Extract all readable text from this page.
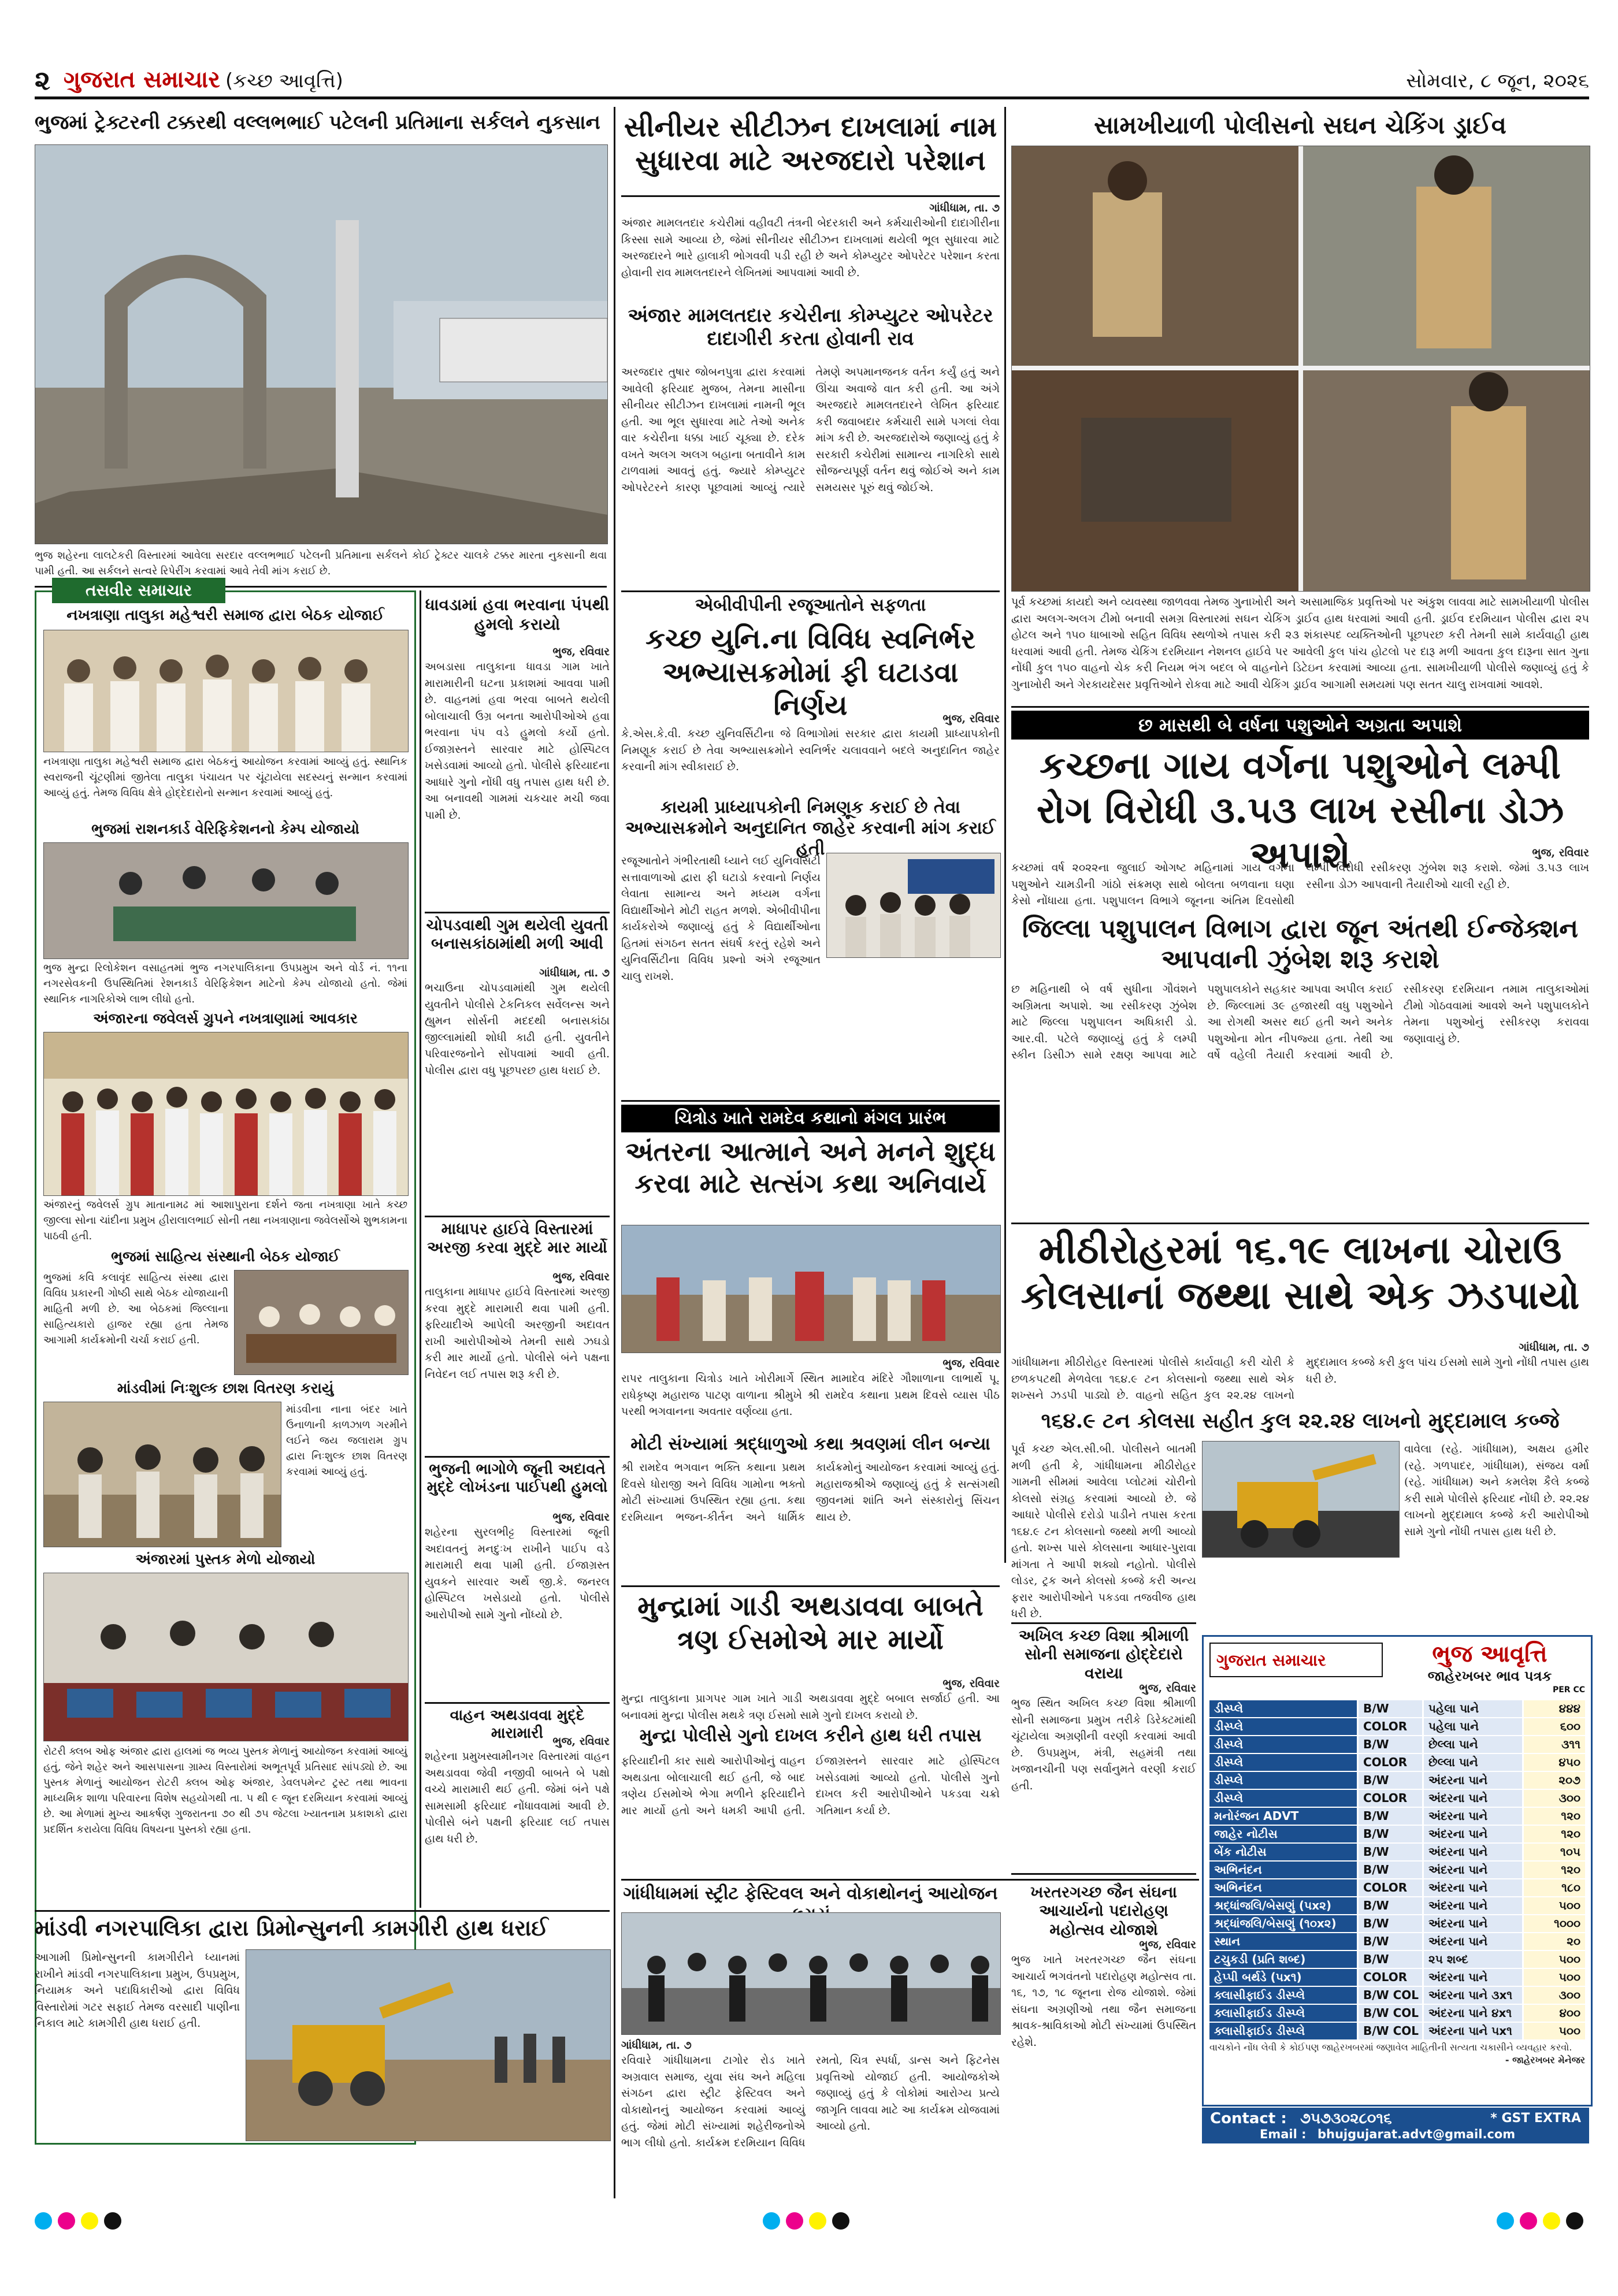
૨ ગુજરાત સમાચાર (કચ્છ આવૃત્તિ)	સોમવાર, ૮ જૂન, ૨૦૨૬
ભુજમાં ટ્રેક્ટરની ટક્કરથી વલ્લભભાઈ પટેલની પ્રતિમાના સર્કલને નુકસાન
ભુજ શહેરના લાલટેકરી વિસ્તારમાં આવેલા સરદાર વલ્લભભાઈ પટેલની પ્રતિમાના સર્કલને કોઈ ટ્રેક્ટર ચાલકે ટક્કર મારતા નુકસાની થવા પામી હતી. આ સર્કલને સત્વરે રિપેરીંગ કરવામાં આવે તેવી માંગ કરાઈ છે.
તસવીર સમાચાર
નખત્રાણા તાલુકા મહેશ્વરી સમાજ દ્વારા બેઠક યોજાઈ
નખત્રાણા તાલુકા મહેશ્વરી સમાજ દ્વારા બેઠકનું આયોજન કરવામાં આવ્યું હતું. સ્થાનિક સ્વરાજની ચૂંટણીમાં જીતેલા તાલુકા પંચાયત પર ચૂંટાયેલા સદસ્યનું સન્માન કરવામાં આવ્યું હતું. તેમજ વિવિધ ક્ષેત્રે હોદ્દેદારોનો સન્માન કરવામાં આવ્યું હતું.
ભુજમાં રાશનકાર્ડ વેરિફિકેશનનો કેમ્પ યોજાયો
ભુજ મુન્દ્રા રિલોકેશન વસાહતમાં ભુજ નગરપાલિકાના ઉપપ્રમુખ અને વોર્ડ નં. ૧૧ના નગરસેવકની ઉપસ્થિતિમાં રેશનકાર્ડ વેરિફિકેશન માટેનો કેમ્પ યોજાયો હતો. જેમાં સ્થાનિક નાગરિકોએ લાભ લીધો હતો.
અંજારના જવેલર્સ ગ્રુપને નખત્રાણામાં આવકાર
અંજારનું જવેલર્સ ગ્રુપ માતાનામઢ માં આશાપુરાના દર્શને જતા નખત્રાણા ખાતે કચ્છ જીલ્લા સોના ચાંદીના પ્રમુખ હીરાલાલભાઈ સોની તથા નખત્રાણાના જવેલર્સોએ શુભકામના પાઠવી હતી.
ભુજમાં સાહિત્ય સંસ્થાની બેઠક યોજાઈ
ભુજમાં કવિ કલાવૃંદ સાહિત્ય સંસ્થા દ્વારા વિવિધ પ્રકારની ગોષ્ઠી સાથે બેઠક યોજાયાની માહિતી મળી છે. આ બેઠકમાં જિલ્લાના સાહિત્યકારો હાજર રહ્યા હતા તેમજ આગામી કાર્યક્રમોની ચર્ચા કરાઈ હતી.
માંડવીમાં નિઃશુલ્ક છાશ વિતરણ કરાયું
માંડવીના નાના બંદર ખાતે ઉનાળાની કાળઝાળ ગરમીને લઈને જય જલારામ ગ્રુપ દ્વારા નિઃશુલ્ક છાશ વિતરણ કરવામાં આવ્યું હતું.
અંજારમાં પુસ્તક મેળો યોજાયો
રોટરી ક્લબ ઓફ અંજાર દ્વારા હાલમાં જ ભવ્ય પુસ્તક મેળાનું આયોજન કરવામાં આવ્યું હતું, જેને શહેર અને આસપાસના ગ્રામ્ય વિસ્તારોમાં અભૂતપૂર્વ પ્રતિસાદ સાંપડ્યો છે. આ પુસ્તક મેળાનું આયોજન રોટરી ક્લબ ઓફ અંજાર, ડેવલપમેન્ટ ટ્રસ્ટ તથા ભાવના માધ્યમિક શાળા પરિવારના વિશેષ સહયોગથી તા. ૫ થી ૯ જૂન દરમિયાન કરવામાં આવ્યું છે. આ મેળામાં મુખ્ય આકર્ષણ ગુજરાતના ૭૦ થી ૭૫ જેટલા ખ્યાતનામ પ્રકાશકો દ્વારા પ્રદર્શિત કરાયેલા વિવિધ વિષયના પુસ્તકો રહ્યા હતા.
ધાવડામાં હવા ભરવાના પંપથી હુમલો કરાયો
ભુજ, રવિવાર
અબડાસા તાલુકાના ધાવડા ગામ ખાતે મારામારીની ઘટના પ્રકાશમાં આવવા પામી છે. વાહનમાં હવા ભરવા બાબતે થયેલી બોલાચાલી ઉગ્ર બનતા આરોપીઓએ હવા ભરવાના પંપ વડે હુમલો કર્યો હતો. ઈજાગ્રસ્તને સારવાર માટે હોસ્પિટલ ખસેડવામાં આવ્યો હતો. પોલીસે ફરિયાદના આધારે ગુનો નોંધી વધુ તપાસ હાથ ધરી છે. આ બનાવથી ગામમાં ચકચાર મચી જવા પામી છે.
ચોપડવાથી ગુમ થયેલી યુવતી બનાસકાંઠામાંથી મળી આવી
ગાંધીધામ, તા. ૭
ભચાઉના ચોપડવામાંથી ગુમ થયેલી યુવતીને પોલીસે ટેકનિકલ સર્વેલન્સ અને હ્યુમન સોર્સની મદદથી બનાસકાંઠા જીલ્લામાંથી શોધી કાઢી હતી. યુવતીને પરિવારજનોને સોંપવામાં આવી હતી. પોલીસ દ્વારા વધુ પૂછપરછ હાથ ધરાઈ છે.
માધાપર હાઈવે વિસ્તારમાં અરજી કરવા મુદ્દે માર માર્યો
ભુજ, રવિવાર
તાલુકાના માધાપર હાઈવે વિસ્તારમાં અરજી કરવા મુદ્દે મારામારી થવા પામી હતી. ફરિયાદીએ આપેલી અરજીની અદાવત રાખી આરોપીઓએ તેમની સાથે ઝઘડો કરી માર માર્યો હતો. પોલીસે બંને પક્ષના નિવેદન લઈ તપાસ શરૂ કરી છે.
ભુજની ભાગોળે જૂની અદાવતે મુદ્દે લોખંડના પાઈપથી હુમલો
ભુજ, રવિવાર
શહેરના સુરલભીટ્ટ વિસ્તારમાં જૂની અદાવતનું મનદુઃખ રાખીને પાઈપ વડે મારામારી થવા પામી હતી. ઈજાગ્રસ્ત યુવકને સારવાર અર્થે જી.કે. જનરલ હોસ્પિટલ ખસેડાયો હતો. પોલીસે આરોપીઓ સામે ગુનો નોંધ્યો છે.
વાહન અથડાવવા મુદ્દે મારામારી ભુજ, રવિવાર
શહેરના પ્રમુખસ્વામીનગર વિસ્તારમાં વાહન અથડાવવા જેવી નજીવી બાબતે બે પક્ષો વચ્ચે મારામારી થઈ હતી. જેમાં બંને પક્ષે સામસામી ફરિયાદ નોંધાવવામાં આવી છે. પોલીસે બંને પક્ષની ફરિયાદ લઈ તપાસ હાથ ધરી છે.
માંડવી નગરપાલિકા દ્વારા પ્રિમોન્સુનની કામગીરી હાથ ધરાઈ
આગામી પ્રિમોન્સુનની કામગીરીને ધ્યાનમાં રાખીને માંડવી નગરપાલિકાના પ્રમુખ, ઉપપ્રમુખ, નિયામક અને પદાધિકારીઓ દ્વારા વિવિધ વિસ્તારોમાં ગટર સફાઈ તેમજ વરસાદી પાણીના નિકાલ માટે કામગીરી હાથ ધરાઈ હતી.
સીનીયર સીટીઝન દાખલામાં નામ સુધારવા માટે અરજદારો પરેશાન
ગાંધીધામ, તા. ૭
અંજાર મામલતદાર કચેરીમાં વહીવટી તંત્રની બેદરકારી અને કર્મચારીઓની દાદાગીરીના કિસ્સા સામે આવ્યા છે, જેમાં સીનીયર સીટીઝન દાખલામાં થયેલી ભૂલ સુધારવા માટે અરજદારને ભારે હાલાકી ભોગવવી પડી રહી છે અને કોમ્પ્યુટર ઓપરેટર પરેશાન કરતા હોવાની રાવ મામલતદારને લેખિતમાં આપવામાં આવી છે.
અંજાર મામલતદાર કચેરીના કોમ્પ્યુટર ઓપરેટર દાદાગીરી કરતા હોવાની રાવ
અરજદાર તુષાર જોબનપુત્રા દ્વારા કરવામાં આવેલી ફરિયાદ મુજબ, તેમના માસીના સીનીયર સીટીઝન દાખલામાં નામની ભૂલ હતી. આ ભૂલ સુધારવા માટે તેઓ અનેક વાર કચેરીના ધક્કા ખાઈ ચૂક્યા છે. દરેક વખતે અલગ અલગ બહાના બતાવીને કામ ટાળવામાં આવતું હતું. જ્યારે કોમ્પ્યુટર ઓપરેટરને કારણ પૂછવામાં આવ્યું ત્યારે તેમણે અપમાનજનક વર્તન કર્યું હતું અને ઊંચા અવાજે વાત કરી હતી. આ અંગે અરજદારે મામલતદારને લેખિત ફરિયાદ કરી જવાબદાર કર્મચારી સામે પગલાં લેવા માંગ કરી છે. અરજદારોએ જણાવ્યું હતું કે સરકારી કચેરીમાં સામાન્ય નાગરિકો સાથે સૌજન્યપૂર્ણ વર્તન થવું જોઈએ અને કામ સમયસર પૂરું થવું જોઈએ.
એબીવીપીની રજૂઆતોને સફળતા
કચ્છ યુનિ.ના વિવિધ સ્વનિર્ભર અભ્યાસક્રમોમાં ફી ઘટાડવા નિર્ણય	ભુજ, રવિવાર
કે.એસ.કે.વી. કચ્છ યુનિવર્સિટીના જે વિભાગોમાં સરકાર દ્વારા કાયમી પ્રાધ્યાપકોની નિમણૂક કરાઈ છે તેવા અભ્યાસક્રમોને સ્વનિર્ભર ચલાવવાને બદલે અનુદાનિત જાહેર કરવાની માંગ સ્વીકારાઈ છે.
કાયમી પ્રાધ્યાપકોની નિમણૂક કરાઈ છે તેવા અભ્યાસક્રમોને અનુદાનિત જાહેર કરવાની માંગ કરાઈ હતી
રજૂઆતોને ગંભીરતાથી ધ્યાને લઈ યુનિવર્સિટી સત્તાવાળાઓ દ્વારા ફી ઘટાડો કરવાનો નિર્ણય લેવાતા સામાન્ય અને મધ્યમ વર્ગના વિદ્યાર્થીઓને મોટી રાહત મળશે. એબીવીપીના કાર્યકરોએ જણાવ્યું હતું કે વિદ્યાર્થીઓના હિતમાં સંગઠન સતત સંઘર્ષ કરતું રહેશે અને યુનિવર્સિટીના વિવિધ પ્રશ્નો અંગે રજૂઆત ચાલુ રાખશે.
ચિત્રોડ ખાતે રામદેવ કથાનો મંગલ પ્રારંભ
અંતરના આત્માને અને મનને શુદ્ધ કરવા માટે સત્સંગ કથા અનિવાર્ય
ભુજ, રવિવાર
રાપર તાલુકાના ચિત્રોડ ખાતે ખોરીમાર્ગે સ્થિત મામાદેવ મંદિરે ગૌશાળાના લાભાર્થે પૂ. રાધેકૃષ્ણ મહારાજ પાટણ વાળાના શ્રીમુખે શ્રી રામદેવ કથાના પ્રથમ દિવસે વ્યાસ પીઠ પરથી ભગવાનના અવતાર વર્ણવ્યા હતા.
મોટી સંખ્યામાં શ્રદ્ધાળુઓ કથા શ્રવણમાં લીન બન્યા
શ્રી રામદેવ ભગવાન ભક્તિ કથાના પ્રથમ દિવસે ધોરાજી અને વિવિધ ગામોના ભક્તો મોટી સંખ્યામાં ઉપસ્થિત રહ્યા હતા. કથા દરમિયાન ભજન-કીર્તન અને ધાર્મિક કાર્યક્રમોનું આયોજન કરવામાં આવ્યું હતું. મહારાજશ્રીએ જણાવ્યું હતું કે સત્સંગથી જીવનમાં શાંતિ અને સંસ્કારોનું સિંચન થાય છે.
મુન્દ્રામાં ગાડી અથડાવવા બાબતે ત્રણ ઈસમોએ માર માર્યો
ભુજ, રવિવાર
મુન્દ્રા તાલુકાના પ્રાગપર ગામ ખાતે ગાડી અથડાવવા મુદ્દે બબાલ સર્જાઈ હતી. આ બનાવમાં મુન્દ્રા પોલીસ મથકે ત્રણ ઈસમો સામે ગુનો દાખલ કરાયો છે.
મુન્દ્રા પોલીસે ગુનો દાખલ કરીને હાથ ધરી તપાસ
ફરિયાદીની કાર સાથે આરોપીઓનું વાહન અથડાતા બોલાચાલી થઈ હતી, જે બાદ ત્રણેય ઈસમોએ ભેગા મળીને ફરિયાદીને માર માર્યો હતો અને ધમકી આપી હતી. ઈજાગ્રસ્તને સારવાર માટે હોસ્પિટલ ખસેડવામાં આવ્યો હતો. પોલીસે ગુનો દાખલ કરી આરોપીઓને પકડવા ચક્રો ગતિમાન કર્યા છે.
ગાંધીધામમાં સ્ટ્રીટ ફેસ્ટિવલ અને વોકાથોનનું આયોજન
ગાંધીધામ, તા. ૭
રવિવારે ગાંધીધામના ટાગોર રોડ ખાતે અગ્રવાલ સમાજ, યુવા સંઘ અને મહિલા સંગઠન દ્વારા સ્ટ્રીટ ફેસ્ટિવલ અને વોકાથોનનું આયોજન કરવામાં આવ્યું હતું. જેમાં મોટી સંખ્યામાં શહેરીજનોએ ભાગ લીધો હતો. કાર્યક્રમ દરમિયાન વિવિધ રમતો, ચિત્ર સ્પર્ધા, ડાન્સ અને ફિટનેસ પ્રવૃત્તિઓ યોજાઈ હતી. આયોજકોએ જણાવ્યું હતું કે લોકોમાં આરોગ્ય પ્રત્યે જાગૃતિ લાવવા માટે આ કાર્યક્રમ યોજવામાં આવ્યો હતો.
સામખીયાળી પોલીસનો સઘન ચેકિંગ ડ્રાઈવ
પૂર્વ કચ્છમાં કાયદો અને વ્યવસ્થા જાળવવા તેમજ ગુનાખોરી અને અસામાજિક પ્રવૃત્તિઓ પર અંકુશ લાવવા માટે સામખીયાળી પોલીસ દ્વારા અલગ-અલગ ટીમો બનાવી સમગ્ર વિસ્તારમાં સઘન ચેકિંગ ડ્રાઈવ હાથ ધરવામાં આવી હતી. ડ્રાઈવ દરમિયાન પોલીસ દ્વારા ૨૫ હોટલ અને ૧૫૦ ધાબાઓ સહિત વિવિધ સ્થળોએ તપાસ કરી ૨૩ શંકાસ્પદ વ્યક્તિઓની પૂછપરછ કરી તેમની સામે કાર્યવાહી હાથ ધરવામાં આવી હતી. તેમજ ચેકિંગ દરમિયાન નેશનલ હાઈવે પર આવેલી કુલ પાંચ હોટલો પર દારૂ મળી આવતા કુલ દારૂના સાત ગુના નોંધી કુલ ૧૫૦ વાહનો ચેક કરી નિયમ ભંગ બદલ બે વાહનોને ડિટેઇન કરવામાં આવ્યા હતા. સામખીયાળી પોલીસે જણાવ્યું હતું કે ગુનાખોરી અને ગેરકાયદેસર પ્રવૃત્તિઓને રોકવા માટે આવી ચેકિંગ ડ્રાઈવ આગામી સમયમાં પણ સતત ચાલુ રાખવામાં આવશે.
છ માસથી બે વર્ષના પશુઓને અગ્રતા અપાશે
કચ્છના ગાય વર્ગના પશુઓને લમ્પી રોગ વિરોધી ૩.૫૩ લાખ રસીના ડોઝ અપાશે	ભુજ, રવિવાર
કચ્છમાં વર્ષ ૨૦૨૨ના જુલાઈ ઓગષ્ટ મહિનામાં ગાય વર્ગના પશુઓને ચામડીની ગાંઠો સંક્રમણ સાથે બોલતા બળવાના ઘણા કેસો નોંધાયા હતા. પશુપાલન વિભાગે જૂનના અંતિમ દિવસોથી લમ્પી વિરોધી રસીકરણ ઝુંબેશ શરૂ કરાશે. જેમાં ૩.૫૩ લાખ રસીના ડોઝ આપવાની તૈયારીઓ ચાલી રહી છે.
જિલ્લા પશુપાલન વિભાગ દ્વારા જૂન અંતથી ઈન્જેક્શન આપવાની ઝુંબેશ શરૂ કરાશે
છ મહિનાથી બે વર્ષ સુધીના ગૌવંશને અગ્રિમતા અપાશે. આ રસીકરણ ઝુંબેશ માટે જિલ્લા પશુપાલન અધિકારી ડો. આર.વી. પટેલે જણાવ્યું હતું કે લમ્પી સ્કીન ડિસીઝ સામે રક્ષણ આપવા માટે પશુપાલકોને સહકાર આપવા અપીલ કરાઈ છે. જિલ્લામાં ૩૯ હજારથી વધુ પશુઓને આ રોગથી અસર થઈ હતી અને અનેક પશુઓના મોત નીપજ્યા હતા. તેથી આ વર્ષે વહેલી તૈયારી કરવામાં આવી છે. રસીકરણ દરમિયાન તમામ તાલુકાઓમાં ટીમો ગોઠવવામાં આવશે અને પશુપાલકોને તેમના પશુઓનું રસીકરણ કરાવવા જણાવાયું છે.
મીઠીરોહરમાં ૧૬.૧૯ લાખના ચોરાઉ કોલસાનાં જથ્થા સાથે એક ઝડપાયો
ગાંધીધામ, તા. ૭
ગાંધીધામના મીઠીરોહર વિસ્તારમાં પોલીસે કાર્યવાહી કરી ચોરી કે છળકપટથી મેળવેલા ૧૬૪.૯ ટન કોલસાનો જથ્થા સાથે એક શખ્સને ઝડપી પાડ્યો છે. વાહનો સહિત કુલ ૨૨.૨૪ લાખનો મુદ્દામાલ કબ્જે કરી કુલ પાંચ ઈસમો સામે ગુનો નોંધી તપાસ હાથ ધરી છે.
૧૬૪.૯ ટન કોલસા સહીત કુલ ૨૨.૨૪ લાખનો મુદ્દામાલ કબ્જે
પૂર્વ કચ્છ એલ.સી.બી. પોલીસને બાતમી મળી હતી કે, ગાંધીધામના મીઠીરોહર ગામની સીમમાં આવેલા પ્લોટમાં ચોરીનો કોલસો સંગ્રહ કરવામાં આવ્યો છે. જે આધારે પોલીસે દરોડો પાડીને તપાસ કરતા ૧૬૪.૯ ટન કોલસાનો જથ્થો મળી આવ્યો હતો. શખ્સ પાસે કોલસાના આધાર-પુરાવા માંગતા તે આપી શક્યો નહોતો. પોલીસે લોડર, ટ્રક અને કોલસો કબ્જે કરી અન્ય ફરાર આરોપીઓને પકડવા તજવીજ હાથ ધરી છે.
વાવેલા (રહે. ગાંધીધામ), અક્ષય હમીર (રહે. ગળપાદર, ગાંધીધામ), સંજય વર્મા (રહે. ગાંધીધામ) અને કમલેશ કૈલે કબ્જે કરી સામે પોલીસે ફરિયાદ નોંધી છે. ૨૨.૨૪ લાખનો મુદ્દામાલ કબ્જે કરી આરોપીઓ સામે ગુનો નોંધી તપાસ હાથ ધરી છે.
અખિલ કચ્છ વિશા શ્રીમાળી સોની સમાજના હોદ્દેદારો વરાયા
ભુજ, રવિવાર
ભુજ સ્થિત અખિલ કચ્છ વિશા શ્રીમાળી સોની સમાજના પ્રમુખ તરીકે ડિરેક્ટમાંથી ચૂંટાયેલા અગ્રણીની વરણી કરવામાં આવી છે. ઉપપ્રમુખ, મંત્રી, સહમંત્રી તથા ખજાનચીની પણ સર્વાનુમતે વરણી કરાઈ હતી.
ખરતરગચ્છ જૈન સંઘના આચાર્યનો પદારોહણ મહોત્સવ યોજાશે
ભુજ, રવિવાર
ભુજ ખાતે ખરતરગચ્છ જૈન સંઘના આચાર્ય ભગવંતનો પદારોહણ મહોત્સવ તા. ૧૬, ૧૭, ૧૮ જૂનના રોજ યોજાશે. જેમાં સંઘના અગ્રણીઓ તથા જૈન સમાજના શ્રાવક-શ્રાવિકાઓ મોટી સંખ્યામાં ઉપસ્થિત રહેશે.
ગુજરાત સમાચાર	ભુજ આવૃત્તિ
જાહેરખબર ભાવ પત્રક
PER CC
ડીસ્પ્લે	B/W	પહેલા પાને	૪૪૪
ડીસ્પ્લે	COLOR	પહેલા પાને	૬૦૦
ડીસ્પ્લે	B/W	છેલ્લા પાને	૩૧૧
ડીસ્પ્લે	COLOR	છેલ્લા પાને	૪૫૦
ડીસ્પ્લે	B/W	અંદરના પાને	૨૦૭
ડીસ્પ્લે	COLOR	અંદરના પાને	૩૦૦
મનોરંજન ADVT	B/W	અંદરના પાને	૧૨૦
જાહેર નોટીસ	B/W	અંદરના પાને	૧૨૦
બેંક નોટીસ	B/W	અંદરના પાને	૧૦૫
અભિનંદન	B/W	અંદરના પાને	૧૨૦
અભિનંદન	COLOR	અંદરના પાને	૧૮૦
શ્રદ્ધાંજલિ/બેસણું (૫x૨)	B/W	અંદરના પાને	૫૦૦
શ્રદ્ધાંજલિ/બેસણું (૧૦x૨)	B/W	અંદરના પાને	૧૦૦૦
સ્થાન	B/W	અંદરના પાને	૨૦
ટચુકડી (પ્રતિ શબ્દ)	B/W	૨૫ શબ્દ	૫૦૦
હેપ્પી બર્થડે (૫x૧)	COLOR	અંદરના પાને	૫૦૦
ક્લાસીફાઈડ ડીસ્પ્લે	B/W COL અંદરના પાને ૩x૧	૩૦૦
ક્લાસીફાઈડ ડીસ્પ્લે	B/W COL અંદરના પાને ૪x૧	૪૦૦
ક્લાસીફાઈડ ડીસ્પ્લે	B/W COL અંદરના પાને ૫x૧	૫૦૦
વાચકોને નોંધ લેવી કે કોઈપણ જાહેરખબરમાં જણાવેલ માહિતીની સત્યતા ચકાસીને વ્યવહાર કરવો.
- જાહેરખબર મેનેજર
Contact : ૭૫૭૩૦૨૮૦૧૬	* GST EXTRA
Email : bhujgujarat.advt@gmail.com
